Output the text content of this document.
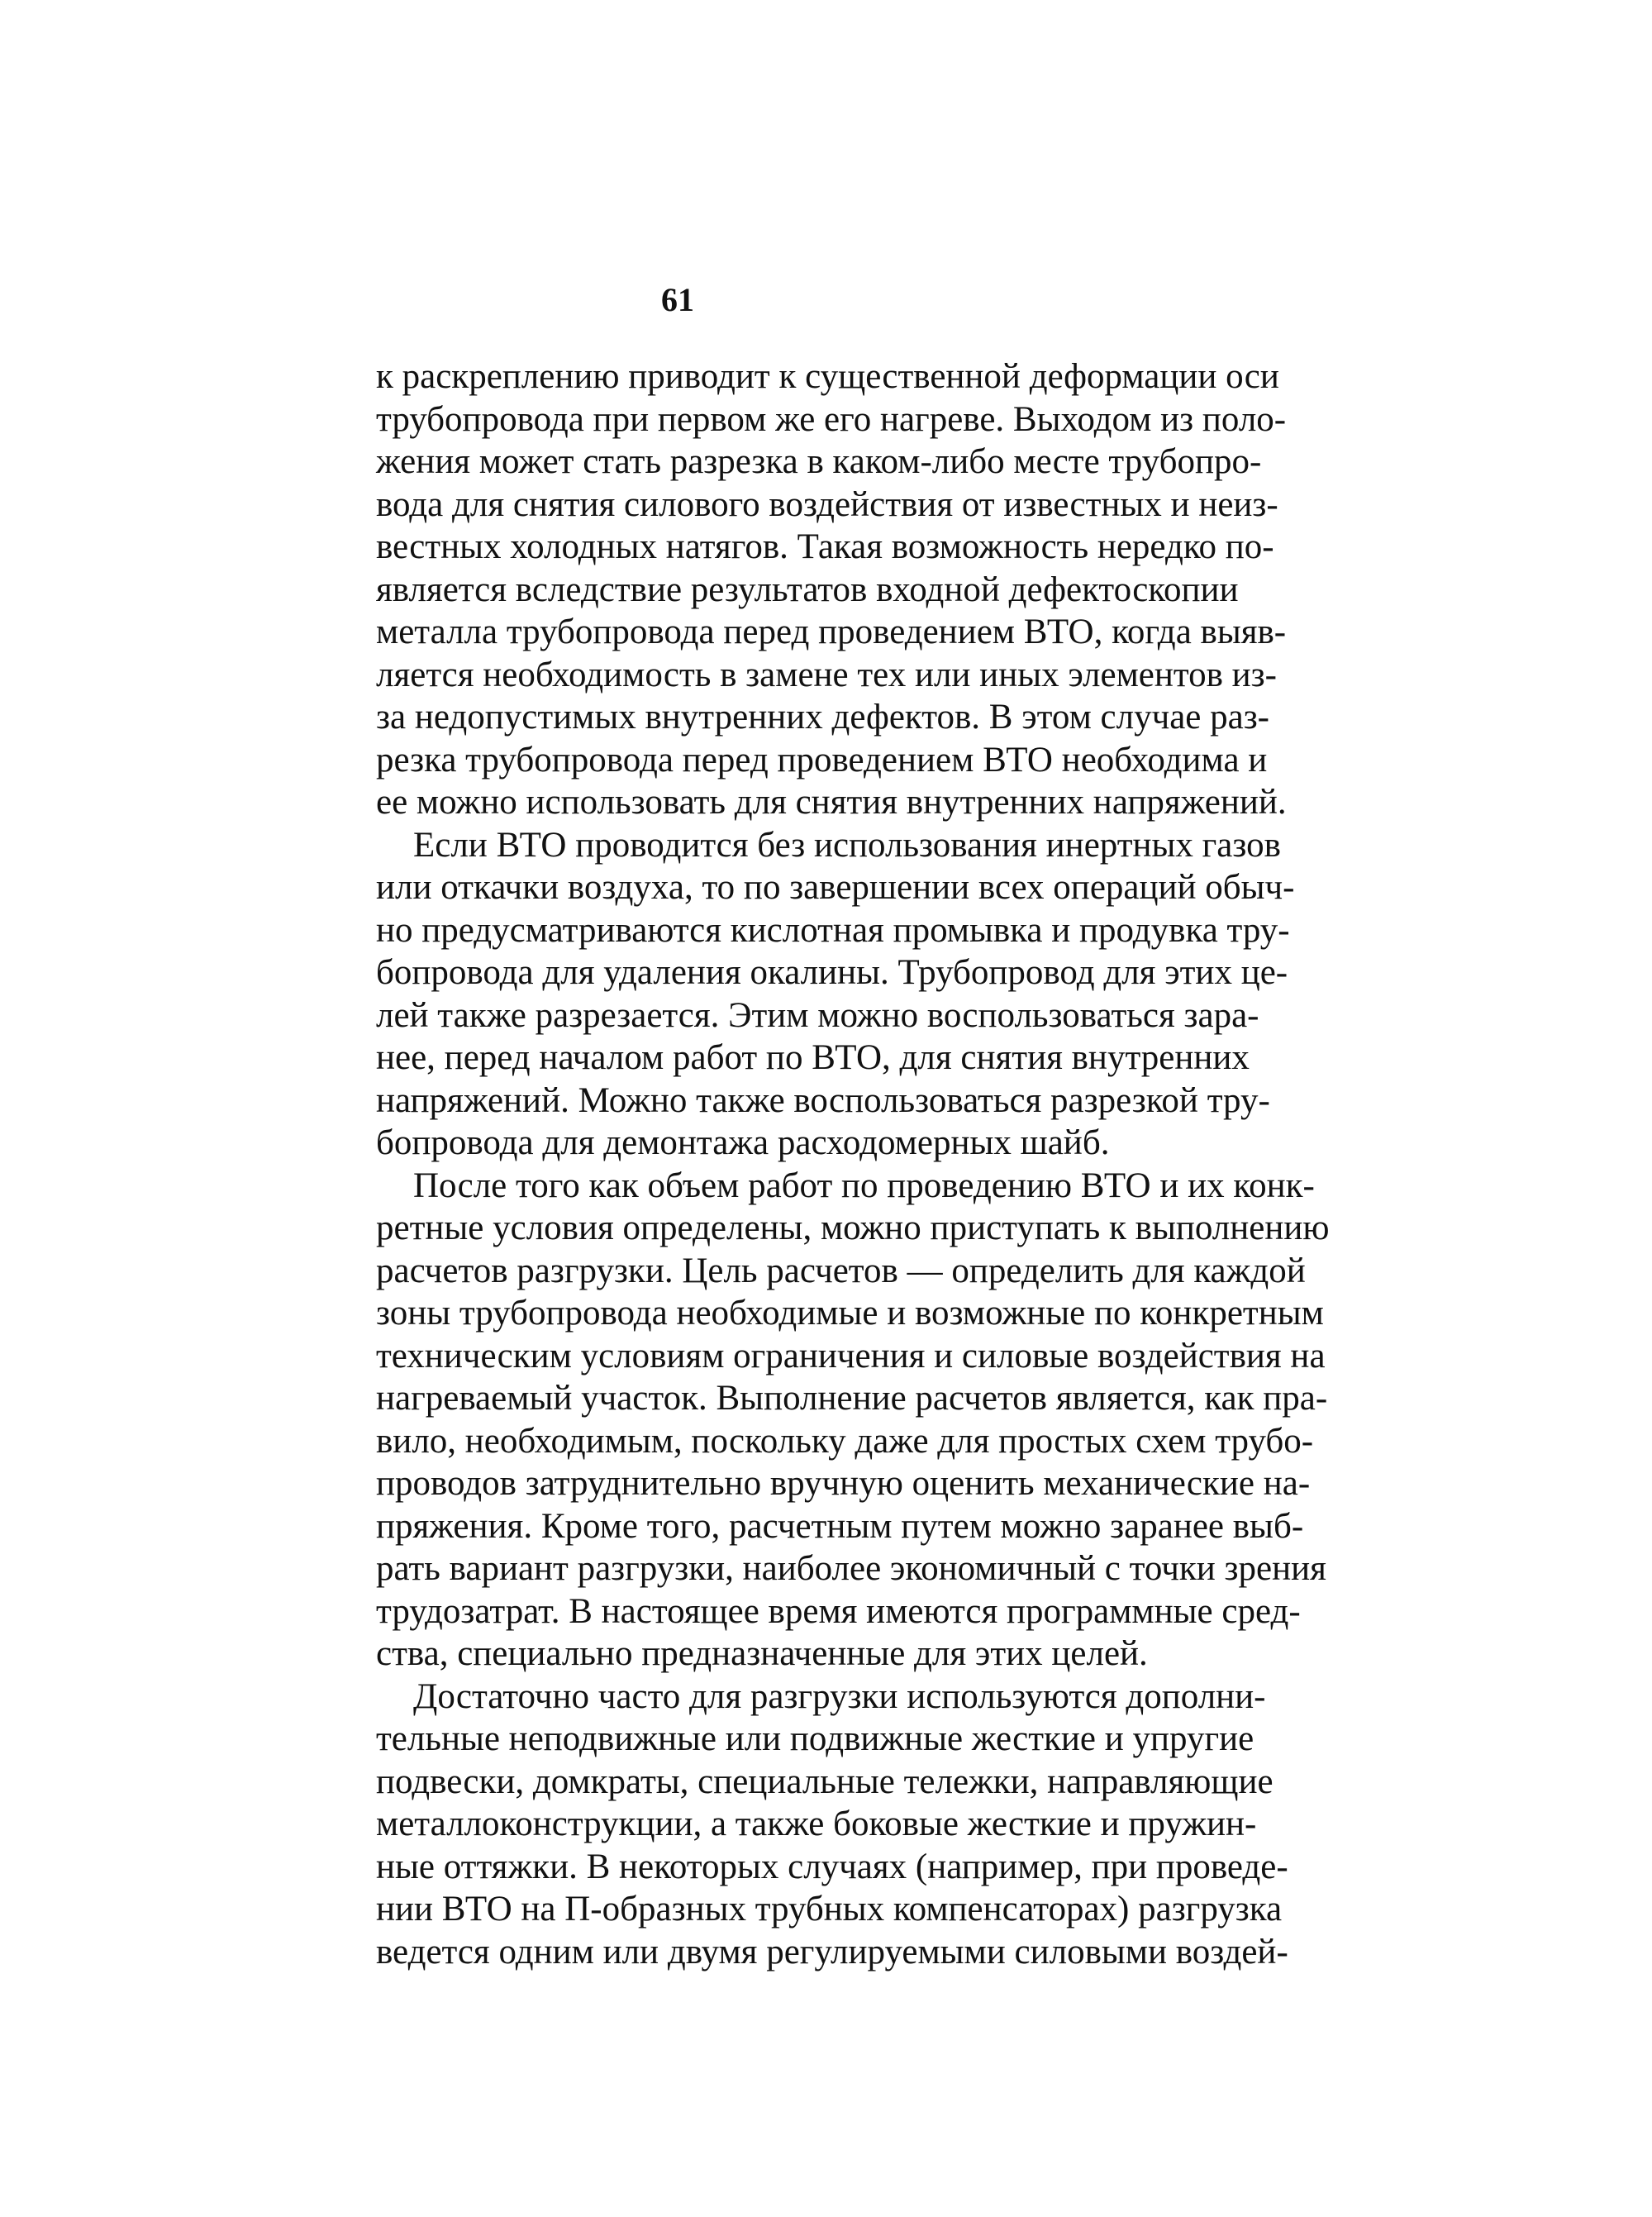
61
к раскреплению приводит к существенной деформации оси
трубопровода при первом же его нагреве. Выходом из поло-
жения может стать разрезка в каком-либо месте трубопро-
вода для снятия силового воздействия от известных и неиз-
вестных холодных натягов. Такая возможность нередко по-
является вследствие результатов входной дефектоскопии
металла трубопровода перед проведением ВТО, когда выяв-
ляется необходимость в замене тех или иных элементов из-
за недопустимых внутренних дефектов. В этом случае раз-
резка трубопровода перед проведением ВТО необходима и
ее можно использовать для снятия внутренних напряжений.
Если ВТО проводится без использования инертных газов
или откачки воздуха, то по завершении всех операций обыч-
но предусматриваются кислотная промывка и продувка тру-
бопровода для удаления окалины. Трубопровод для этих це-
лей также разрезается. Этим можно воспользоваться зара-
нее, перед началом работ по ВТО, для снятия внутренних
напряжений. Можно также воспользоваться разрезкой тру-
бопровода для демонтажа расходомерных шайб.
После того как объем работ по проведению ВТО и их конк-
ретные условия определены, можно приступать к выполнению
расчетов разгрузки. Цель расчетов — определить для каждой
зоны трубопровода необходимые и возможные по конкретным
техническим условиям ограничения и силовые воздействия на
нагреваемый участок. Выполнение расчетов является, как пра-
вило, необходимым, поскольку даже для простых схем трубо-
проводов затруднительно вручную оценить механические на-
пряжения. Кроме того, расчетным путем можно заранее выб-
рать вариант разгрузки, наиболее экономичный с точки зрения
трудозатрат. В настоящее время имеются программные сред-
ства, специально предназначенные для этих целей.
Достаточно часто для разгрузки используются дополни-
тельные неподвижные или подвижные жесткие и упругие
подвески, домкраты, специальные тележки, направляющие
металлоконструкции, а также боковые жесткие и пружин-
ные оттяжки. В некоторых случаях (например, при проведе-
нии ВТО на П-образных трубных компенсаторах) разгрузка
ведется одним или двумя регулируемыми силовыми воздей-
